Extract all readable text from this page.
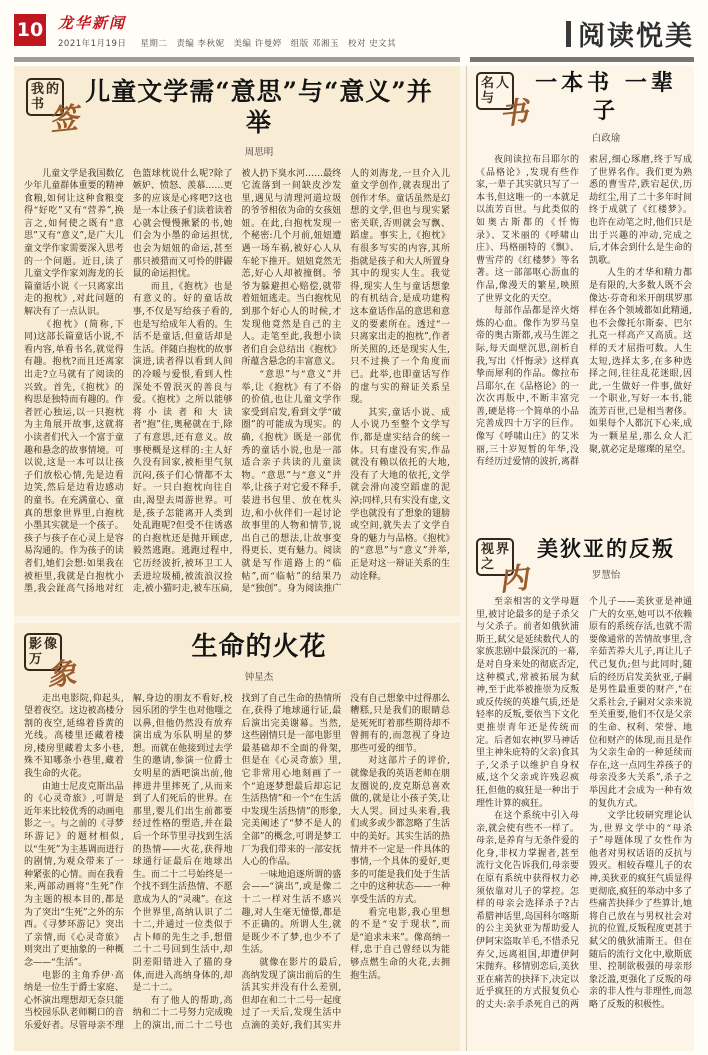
10 龙华新闻
2021年1月19日 星期二　责编 李秋妮　美编 许曼婷　组版 邓湘玉　校对 史文其	阅读悦美
我 的
书 签
儿童文学需“意思”与“意义”并举
周思明

儿童文学是我国数亿少年儿童群体重要的精神食粮,如何让这种食粮变得“好吃”又有“营养”,换言之,如何使之既有“意思”又有“意义”,是广大儿童文学作家需要深入思考的一个问题。近日,读了儿童文学作家刘海龙的长篇童话小说《一只离家出走的抱枕》,对此问题的解决有了一点认识。

《抱枕》(简称,下同)这部长篇童话小说,不看内容,单看书名,就觉得有趣。抱枕?而且还离家出走?立马就有了阅读的兴致。首先,《抱枕》的构思是独特而有趣的。作者匠心独运,以一只抱枕为主角展开故事,这就将小读者们代入一个富于童趣和悬念的故事情境。可以说,这是一本可以让孩子们放松心情,先是边看边笑,然后是边看边感动的童书。在充满童心、童真的想象世界里,白抱枕小墨其实就是一个孩子。孩子与孩子在心灵上是容易沟通的。作为孩子的读者们,她们会想:如果我在被柜里,我就是白抱枕小墨,我会趾高气扬地对红色篮球枕说什么呢?除了嫉妒、愤怒、羡慕……更多的应该是心疼吧?这也是一本让孩子们读着读着心就会慢慢揪紧的书,她们会为小墨的命运担忧,也会为妞妞的命运,甚至那只被猎而又可怜的胖鼹鼠的命运担忧。

而且,《抱枕》也是有意义的。好的童话故事,不仅是写给孩子看的,也是写给成年人看的。生活不是童话,但童话却是生活。伴随白抱枕的故事演进,读者得以看到人间的冷暖与爱恨,看到人性深处不曾泯灭的善良与爱。《抱枕》之所以能够将小读者和大读者“抱”住,奥秘就在于,除了有意思,还有意义。故事梗概是这样的:主人好久没有回家,被柜里气氛沉闷,孩子们心情都不太好。一只白抱枕向往自由,渴望去周游世界。可是,孩子怎能离开人类到处乱跑呢?但受不住诱惑的白抱枕还是抛开顾虑,毅然逃跑。逃跑过程中,它历经波折,被环卫工人丢进垃圾桶,被流浪汉捡走,被小猫叼走,被车压扁,被人扔下臭水河……最终它流落到一间缺皮沙发里,遇见与清理河道垃圾的爷爷相依为命的女孩妞妞。在此,白抱枕发现一个秘密:几个月前,妞妞遭遇一场车祸,被好心人从车轮下推开。妞妞竟然无恙,好心人却被撞倒。爷爷为躲避担心赔偿,就带着妞妞逃走。当白抱枕见到那个好心人的时候,才发现他竟然是自己的主人。走笔至此,我想小读者们自会总结出《抱枕》所蕴含悬念的丰富意义。

“意思”与“意义”并举,让《抱枕》有了不俗的价值,也让儿童文学作家受到启发,看到文学“破圈”的可能成为现实。的确,《抱枕》既是一部优秀的童话小说,也是一部适合亲子共读的儿童读物。“意思”与“意义”并举,让孩子对它爱不释手,装进书包里、放在枕头边,和小伙伴们一起讨论故事里的人物和情节,说出自己的想法,让故事变得更长、更有魅力。阅读就是写作道路上的“临帖”,而“临帖”的结果乃是“独创”。身为阅读推广人的刘海龙,一旦介入儿童文学创作,就表现出了创作才华。童话虽然是幻想的文学,但也与现实紧密关联,否则就会写飘、蹈虚。事实上,《抱枕》有很多写实的内容,其所指就是孩子和大人所置身其中的现实人生。我觉得,现实人生与童话想象的有机结合,是成功建构这本童话作品的意思和意义的要素所在。透过“一只离家出走的抱枕”,作者所关照的,还是现实人生,只不过换了一个角度而已。此举,也即童话写作的虚与实的辩证关系呈现。

其实,童话小说、成人小说乃至整个文学写作,都是虚实结合的统一体。只有虚没有实,作品就没有赖以依托的大地,没有了大地的依托,文学就会滑向凌空蹈虚的泥淖;同样,只有实没有虚,文学也就没有了想象的翅膀或空间,就失去了文学自身的魅力与品格。《抱枕》的“意思”与“意义”并举,正是对这一辩证关系的生动诠释。

影 像
万 象
生命的火花
钟星杰

走出电影院,仰起头,望着夜空。这边被高楼分割的夜空,延绵着昏黄的光线。高楼里还藏着楼房,楼房里藏着太多小巷,殊不知哪条小巷里,藏着我生命的火花。

由迪士尼皮克斯出品的《心灵奇旅》,可谓是近年来比较优秀的动画电影之一。与之前的《寻梦环游记》的题材相似,以“生死”为主基调而进行的剧情,为观众带来了一种紧张的心情。而在我看来,两部动画将“生死”作为主题的根本目的,都是为了突出“生死”之外的东西。《寻梦环游记》突出了亲情,而《心灵奇旅》则突出了更抽象的一种概念——“生活”。

电影的主角乔伊·高纳是一位生于爵士家庭、心怀演出理想却无奈只能当校园乐队老师糊口的音乐爱好者。尽管母亲不理解,身边的朋友不看好,校园乐团的学生也对他嗤之以鼻,但他仍然没有放弃演出成为乐队明星的梦想。而就在他接到过去学生的邀请,参演一位爵士女明星的酒吧演出前,他摔进井里摔死了,从而来到了人们死后的世界。在那里,婴儿们出生前都要经过性格的塑造,并在最后一个环节里寻找到生活的热情——火花,获得地球通行证最后在地球出生。而二十二号始终是一个找不到生活热情、不愿意成为人的“灵魂”。在这个世界里,高纳认识了二十二,并通过一位类似于占卜师的先生之手,想借二十二号回到生活中,却阴差阳错进入了猫的身体,而进入高纳身体的,却是二十二。

有了他人的帮助,高纳和二十二号努力完成晚上的演出,而二十二号也找到了自己生命的热情所在,获得了地球通行证,最后演出完美谢幕。当然,这些剧情只是一部电影里最基础却不全面的骨架,但是在《心灵奇旅》里,它非常用心地刻画了一个“追逐梦想最后却忘记生活热情”和一个“在生活中发现生活热情”的形象,完美阐述了“梦不是人的全部”的概念,可谓是梦工厂为我们带来的一部安抚人心的作品。

一味地追逐所谓的盛会——“演出”,或是像二十二一样对生活不感兴趣,对人生毫无憧憬,都是不正确的。所谓人生,就是既少不了梦,也少不了生活。

就像在影片的最后,高纳发现了演出前后的生活其实并没有什么差别,但却在和二十二号一起度过了一天后,发现生活中点滴的美好,我们其实并没有自己想象中过得那么糟糕,只是我们的眼睛总是死死盯着那些期待却不曾拥有的,而忽视了身边那些可爱的细节。

对这部片子的评价,就像是我的英语老师在朋友圈说的,皮克斯总喜欢做的,就是让小孩子笑,让大人哭。回过头来看,我们或多或少都忽略了生活中的美好。其实生活的热情并不一定是一件具体的事情,一个具体的爱好,更多的可能是我们处于生活之中的这种状态——一种享受生活的方式。

看完电影,我心里想的不是“安于现状”,而是“追求未来”。像高纳一样,忠于自己曾经以为能够点燃生命的火花,去拥抱生活。

名 人
与 书
一本书 一辈子
白政瑜

夜间读拉布吕耶尔的《品格论》,发现有些作家,一辈子其实就只写了一本书,但这唯一的一本就足以流芳百世。与此类似的如奥古斯都的《忏悔录》、艾米丽的《呼啸山庄》、玛格丽特的《飘》、曹雪芹的《红楼梦》等名著。这一部部呕心沥血的作品,像漫天的繁星,映照了世界文化的天空。

每部作品都是淬火熔炼的心血。像作为罗马皇帝的奥古斯都,戎马生涯之际,每天面壁沉思,剖析自我,写出《忏悔录》这样真挚而犀利的作品。像拉布吕耶尔,在《品格论》的一次次再版中,不断丰富完善,硬是将一个简单的小品完善成四十万字的巨作。像写《呼啸山庄》的艾米丽,三十岁短暂的年华,没有经历过爱情的波折,离群索居,细心琢磨,终于写成了世界名作。我们更为熟悉的曹雪芹,跌宕起伏,历劫红尘,用了二十多年时间终于成就了《红楼梦》。也许在动笔之时,他们只是出于兴趣的冲动,完成之后,才体会到什么是生命的凯歌。

人生的才华和精力都是有限的,大多数人既不会像达·芬奇和米开朗琪罗那样在各个领域都如此精通,也不会像托尔斯泰、巴尔扎克一样高产又高质。这样的天才屈指可数。人生太短,选择太多,在多种选择之间,往往乱花迷眼,因此,一生做好一件事,做好一个职业,写好一本书,能流芳百世,已是相当奢侈。如果每个人都沉下心来,成为一颗星星,那么众人汇聚,就必定是璀璨的星空。

视 界
之 内
美狄亚的反叛
罗慧怡

至亲相害的文学母题里,被讨论最多的是子杀父与父杀子。前者如俄狄浦斯王,弑父是延续数代人的家族悲剧中最深沉的一幕,是对自身来处的彻底否定,这种模式,常被拓展为弑神,至于此举被推崇为反叛或反传统的英雄气质,还是轻率的反叛,要依当下文化更推崇青年还是传统而定。后者如农神(罗马神话里主神朱庇特的父亲)食其子,父杀子以维护自身权威,这个父亲或许残忍疯狂,但他的疯狂是一种出于理性计算的疯狂。

在这个系统中引入母亲,就会使有些不一样了。母亲,是养育与无条件爱的化身,非权力掌握者,甚至流行文化告诉我们,母亲要在原有系统中获得权力必须依靠对儿子的掌控。怎样的母亲会选择杀子?古希腊神话里,岛国科尔喀斯的公主美狄亚为帮助爱人伊阿宋盗取羊毛,不惜杀兄弃父,远离祖国,却遭伊阿宋抛弃。移情别恋后,美狄亚在痛苦的抉择下,决定以近乎疯狂的方式报复负心的丈夫:亲手杀死自己的两个儿子——美狄亚是神通广大的女巫,她可以不依赖原有的系统存活,也就不需要像通常的苦情故事里,含辛茹苦养大儿子,再让儿子代己复仇;但与此同时,随后的经历启发美狄亚,子嗣是男性最重要的财产,“在父系社会,子嗣对父亲来说至关重要,他们不仅是父亲的生命、权利、荣誉、地位和财产的体现,而且是作为父亲生命的一种延续而存在,这一点同生养孩子的母亲没多大关系”,杀子之举因此才会成为一种有效的复仇方式。

文学比较研究理论认为,世界文学中的“母杀子”母题体现了女性作为他者对男权话语的反抗与毁灭。相较吞噬儿子的农神,美狄亚的疯狂气质显得更彻底,疯狂的举动中多了些痛苦抉择少了些算计,她将自己放在与男权社会对抗的位置,反叛程度更甚于弑父的俄狄浦斯王。但在随后的流行文化中,歇斯底里、控制欲极强的母亲形象泛滥,更强化了反叛的母亲的非人性与非理性,而忽略了反叛的积极性。
